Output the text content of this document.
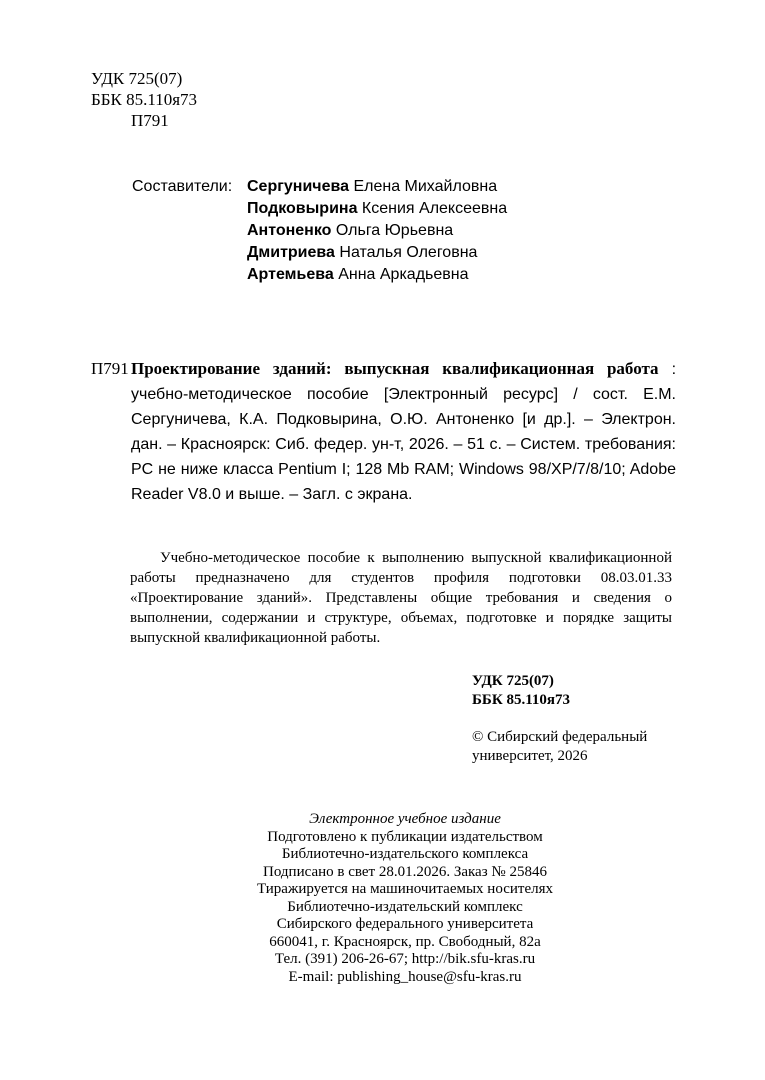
УДК 725(07)
ББК 85.110я73
П791
Составители: Сергуничева Елена Михайловна
Подковырина Ксения Алексеевна
Антоненко Ольга Юрьевна
Дмитриева Наталья Олеговна
Артемьева Анна Аркадьевна
П791 Проектирование зданий: выпускная квалификационная работа : учебно-методическое пособие [Электронный ресурс] / сост. Е.М. Сергуничева, К.А. Подковырина, О.Ю. Антоненко [и др.]. – Электрон. дан. – Красноярск: Сиб. федер. ун-т, 2026. – 51 с. – Систем. требования: PC не ниже класса Pentium I; 128 Mb RAM; Windows 98/XP/7/8/10; Adobe Reader V8.0 и выше. – Загл. с экрана.
Учебно-методическое пособие к выполнению выпускной квалификационной работы предназначено для студентов профиля подготовки 08.03.01.33 «Проектирование зданий». Представлены общие требования и сведения о выполнении, содержании и структуре, объемах, подготовке и порядке защиты выпускной квалификационной работы.
УДК 725(07)
ББК 85.110я73
© Сибирский федеральный
университет, 2026
Электронное учебное издание
Подготовлено к публикации издательством
Библиотечно-издательского комплекса
Подписано в свет 28.01.2026. Заказ № 25846
Тиражируется на машиночитаемых носителях
Библиотечно-издательский комплекс
Сибирского федерального университета
660041, г. Красноярск, пр. Свободный, 82а
Тел. (391) 206-26-67; http://bik.sfu-kras.ru
E-mail: publishing_house@sfu-kras.ru
